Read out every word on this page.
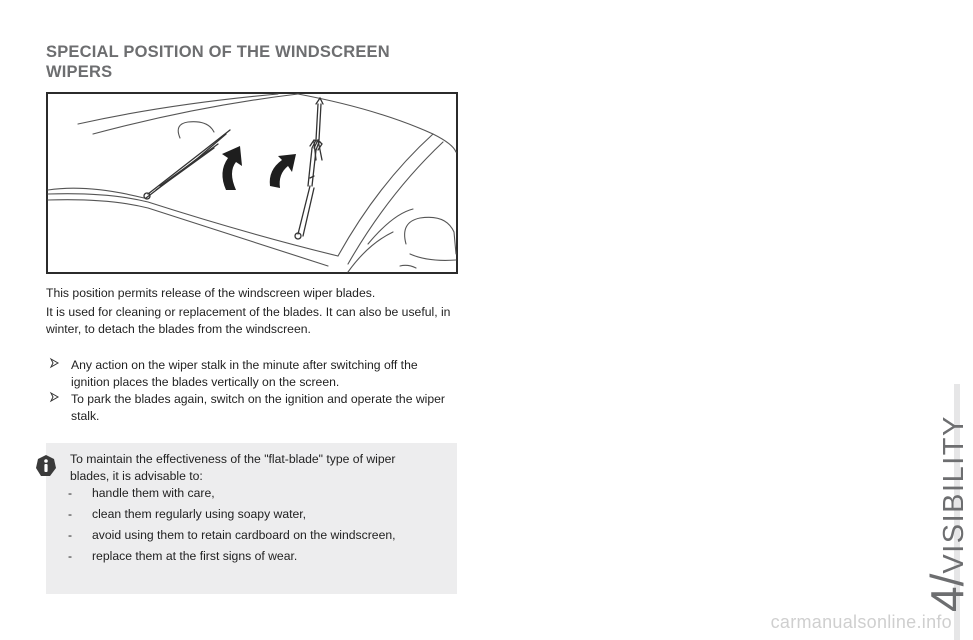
SPECIAL POSITION OF THE WINDSCREEN WIPERS

This position permits release of the windscreen wiper blades.

It is used for cleaning or replacement of the blades. It can also be useful, in winter, to detach the blades from the windscreen.

Any action on the wiper stalk in the minute after switching off the ignition places the blades vertically on the screen.
To park the blades again, switch on the ignition and operate the wiper stalk.
To maintain the effectiveness of the "flat-blade" type of wiper blades, it is advisable to:
- handle them with care,
- clean them regularly using soapy water,
- avoid using them to retain cardboard on the windscreen,
- replace them at the first signs of wear.
4/VISIBILITY
carmanualsonline.info
